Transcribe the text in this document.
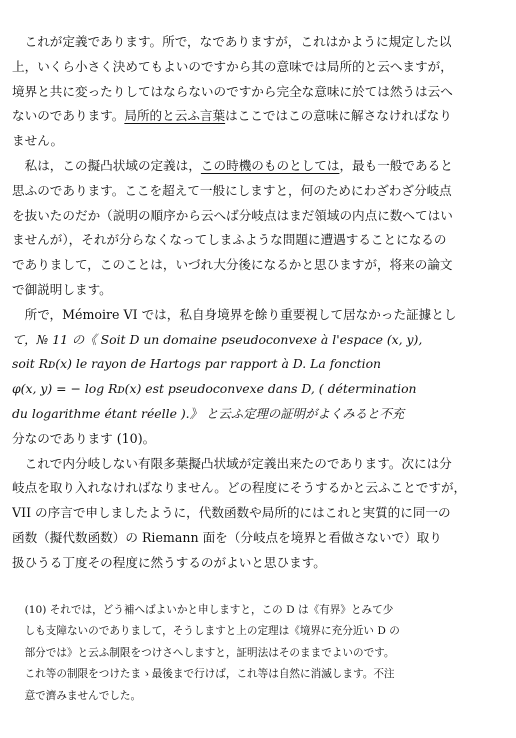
　これが定義であります。所で，なでありますが，これはかように規定した以
上，いくら小さく決めてもよいのですから其の意味では局所的と云へますが，
境界と共に変ったりしてはならないのですから完全な意味に於ては然うは云へ
ないのであります。局所的と云ふ言葉はここではこの意味に解さなければなり
ません。
　私は，この擬凸状域の定義は，この時機のものとしては，最も一般であると
思ふのであります。ここを超えて一般にしますと，何のためにわざわざ分岐点
を抜いたのだか（説明の順序から云へば分岐点はまだ領域の内点に数へてはい
ませんが），それが分らなくなってしまふような問題に遭遇することになるの
でありまして，このことは，いづれ大分後になるかと思ひますが，将来の論文
で御説明します。
　所で，Mémoire VI では，私自身境界を餘り重要視して居なかった証據とし
て，№ 11 の《 Soit D un domaine pseudoconvexe à l'espace (x, y),
soit Rᴅ(x) le rayon de Hartogs par rapport à D. La fonction
φ(x, y) = − log Rᴅ(x) est pseudoconvexe dans D, ( détermination
du logarithme étant réelle ).》 と云ふ定理の証明がよくみると不充
分なのであります (10)。
　これで内分岐しない有限多葉擬凸状域が定義出来たのであります。次には分
岐点を取り入れなければなりません。どの程度にそうするかと云ふことですが，
VII の序言で申しましたように，代数函数や局所的にはこれと実質的に同一の
函数（擬代数函数）の Riemann 面を（分岐点を境界と看做さないで）取り
扱ひうる丁度その程度に然うするのがよいと思ひます。
　(10) それでは，どう補へばよいかと申しますと，この D は《有界》とみて少
　しも支障ないのでありまして，そうしますと上の定理は《境界に充分近い D の
　部分では》と云ふ制限をつけさへしますと，証明法はそのままでよいのです。
　これ等の制限をつけたまゝ最後まで行けば，これ等は自然に消滅します。不注
　意で濟みませんでした。
